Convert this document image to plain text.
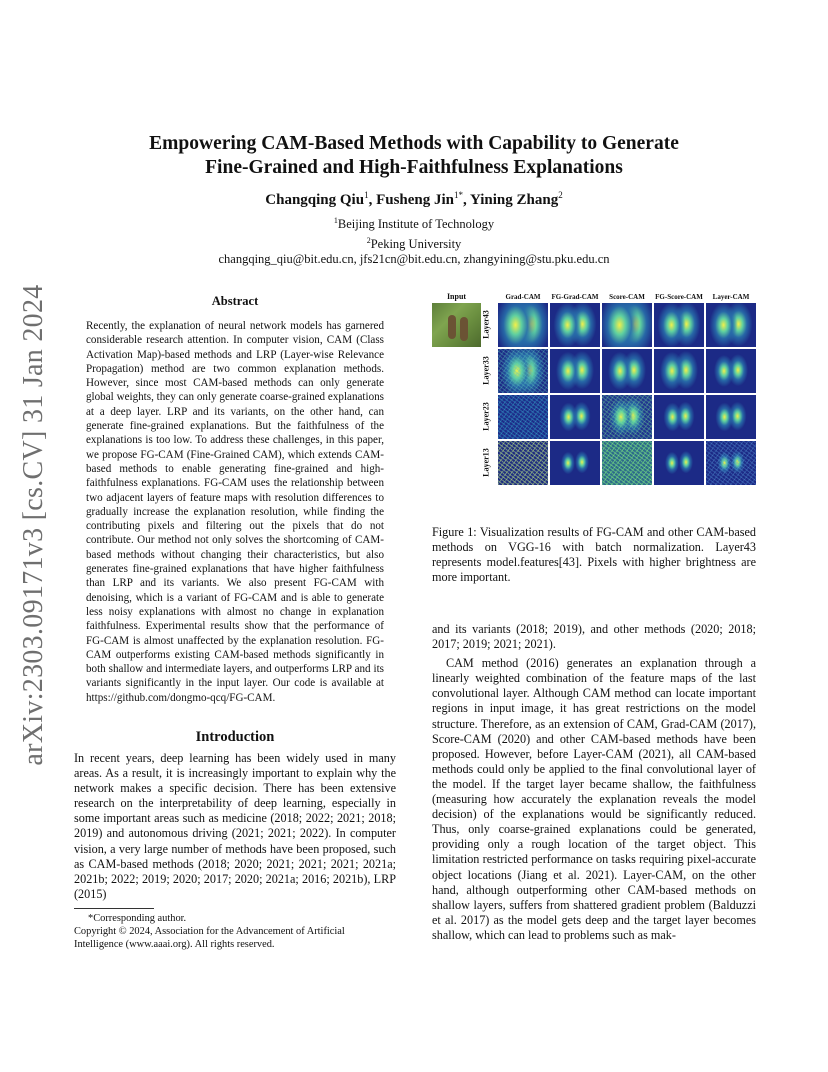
arXiv:2303.09171v3 [cs.CV] 31 Jan 2024
Empowering CAM-Based Methods with Capability to Generate
Fine-Grained and High-Faithfulness Explanations
Changqing Qiu$^1$, Fusheng Jin$^{1*}$, Yining Zhang$^2$
$^1$Beijing Institute of Technology
$^2$Peking University
changqing_qiu@bit.edu.cn, jfs21cn@bit.edu.cn, zhangyining@stu.pku.edu.cn
Abstract

Recently, the explanation of neural network models has garnered considerable research attention. In computer vision, CAM (Class Activation Map)-based methods and LRP (Layer-wise Relevance Propagation) method are two common explanation methods. However, since most CAM-based methods can only generate global weights, they can only generate coarse-grained explanations at a deep layer. LRP and its variants, on the other hand, can generate fine-grained explanations. But the faithfulness of the explanations is too low. To address these challenges, in this paper, we propose FG-CAM (Fine-Grained CAM), which extends CAM-based methods to enable generating fine-grained and high-faithfulness explanations. FG-CAM uses the relationship between two adjacent layers of feature maps with resolution differences to gradually increase the explanation resolution, while finding the contributing pixels and filtering out the pixels that do not contribute. Our method not only solves the shortcoming of CAM-based methods without changing their characteristics, but also generates fine-grained explanations that have higher faithfulness than LRP and its variants. We also present FG-CAM with denoising, which is a variant of FG-CAM and is able to generate less noisy explanations with almost no change in explanation faithfulness. Experimental results show that the performance of FG-CAM is almost unaffected by the explanation resolution. FG-CAM outperforms existing CAM-based methods significantly in both shallow and intermediate layers, and outperforms LRP and its variants significantly in the input layer. Our code is available at https://github.com/dongmo-qcq/FG-CAM.

Introduction

In recent years, deep learning has been widely used in many areas. As a result, it is increasingly important to explain why the network makes a specific decision. There has been extensive research on the interpretability of deep learning, especially in some important areas such as medicine (2018; 2022; 2021; 2018; 2019) and autonomous driving (2021; 2021; 2022). In computer vision, a very large number of methods have been proposed, such as CAM-based methods (2018; 2020; 2021; 2021; 2021; 2021a; 2021b; 2022; 2019; 2020; 2017; 2020; 2021a; 2016; 2021b), LRP (2015)

*Corresponding author.
Copyright © 2024, Association for the Advancement of Artificial Intelligence (www.aaai.org). All rights reserved.
Input	Grad-CAM	FG-Grad-CAM	Score-CAM	FG-Score-CAM	Layer-CAM
Layer43
Layer33
Layer23
Layer13

Figure 1: Visualization results of FG-CAM and other CAM-based methods on VGG-16 with batch normalization. Layer43 represents model.features[43]. Pixels with higher brightness are more important.

and its variants (2018; 2019), and other methods (2020; 2018; 2017; 2019; 2021; 2021).

CAM method (2016) generates an explanation through a linearly weighted combination of the feature maps of the last convolutional layer. Although CAM method can locate important regions in input image, it has great restrictions on the model structure. Therefore, as an extension of CAM, Grad-CAM (2017), Score-CAM (2020) and other CAM-based methods have been proposed. However, before Layer-CAM (2021), all CAM-based methods could only be applied to the final convolutional layer of the model. If the target layer became shallow, the faithfulness (measuring how accurately the explanation reveals the model decision) of the explanations would be significantly reduced. Thus, only coarse-grained explanations could be generated, providing only a rough location of the target object. This limitation restricted performance on tasks requiring pixel-accurate object locations (Jiang et al. 2021). Layer-CAM, on the other hand, although outperforming other CAM-based methods on shallow layers, suffers from shattered gradient problem (Balduzzi et al. 2017) as the model gets deep and the target layer becomes shallow, which can lead to problems such as mak-
